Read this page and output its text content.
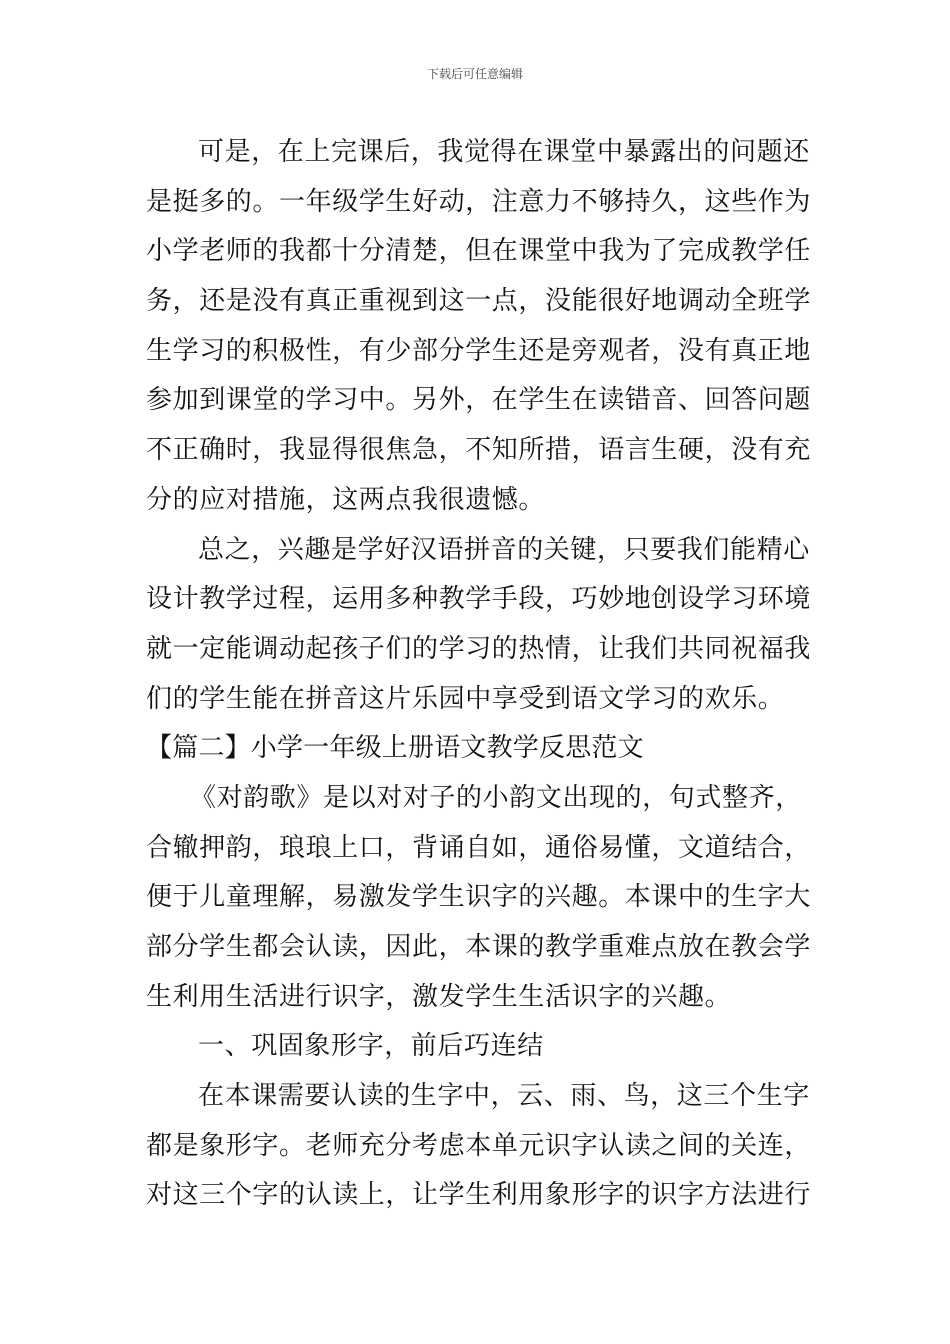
下载后可任意编辑
可是，在上完课后，我觉得在课堂中暴露出的问题还
是挺多的。一年级学生好动，注意力不够持久，这些作为
小学老师的我都十分清楚，但在课堂中我为了完成教学任
务，还是没有真正重视到这一点，没能很好地调动全班学
生学习的积极性，有少部分学生还是旁观者，没有真正地
参加到课堂的学习中。另外，在学生在读错音、回答问题
不正确时，我显得很焦急，不知所措，语言生硬，没有充
分的应对措施，这两点我很遗憾。
总之，兴趣是学好汉语拼音的关键，只要我们能精心
设计教学过程，运用多种教学手段，巧妙地创设学习环境
就一定能调动起孩子们的学习的热情，让我们共同祝福我
们的学生能在拼音这片乐园中享受到语文学习的欢乐。
【篇二】小学一年级上册语文教学反思范文
《对韵歌》是以对对子的小韵文出现的，句式整齐，
合辙押韵，琅琅上口，背诵自如，通俗易懂，文道结合，
便于儿童理解，易激发学生识字的兴趣。本课中的生字大
部分学生都会认读，因此，本课的教学重难点放在教会学
生利用生活进行识字，激发学生生活识字的兴趣。
一、巩固象形字，前后巧连结
在本课需要认读的生字中，云、雨、鸟，这三个生字
都是象形字。老师充分考虑本单元识字认读之间的关连，
对这三个字的认读上，让学生利用象形字的识字方法进行
